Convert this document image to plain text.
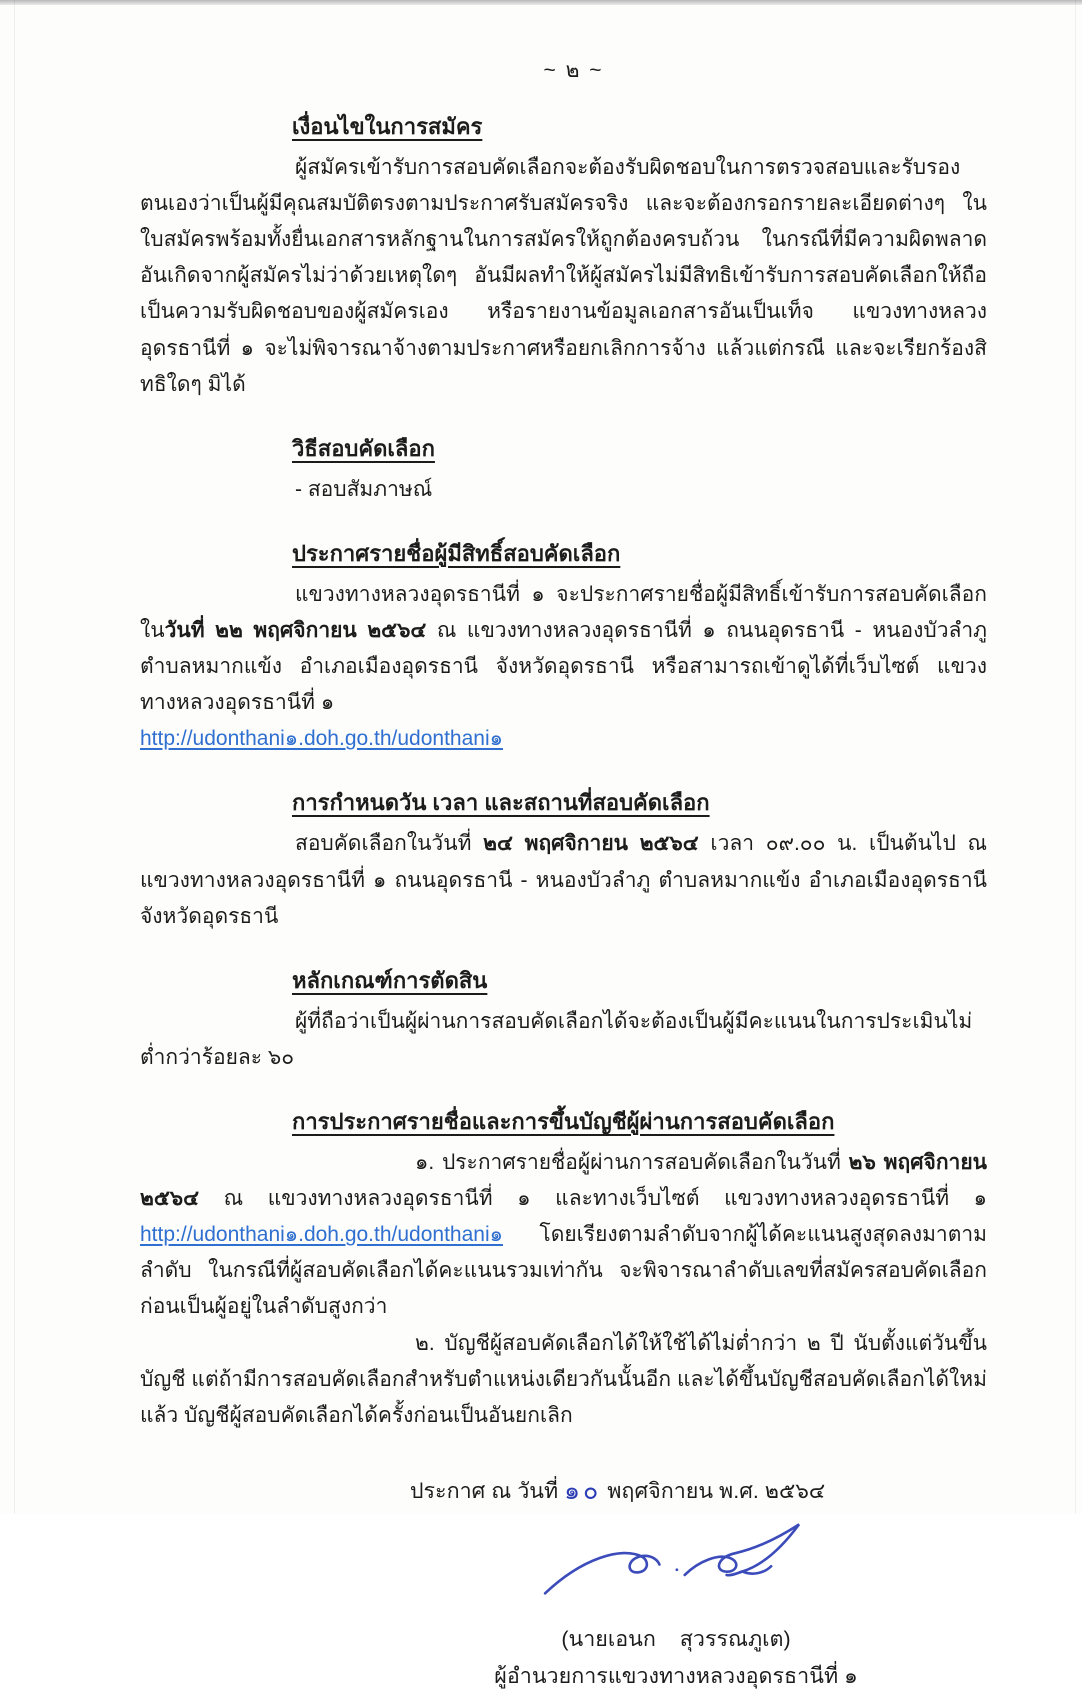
~ ๒ ~
เงื่อนไขในการสมัคร

ผู้สมัครเข้ารับการสอบคัดเลือกจะต้องรับผิดชอบในการตรวจสอบและรับรองตนเองว่าเป็นผู้มีคุณสมบัติตรงตามประกาศรับสมัครจริง และจะต้องกรอกรายละเอียดต่างๆ ในใบสมัครพร้อมทั้งยื่นเอกสารหลักฐานในการสมัครให้ถูกต้องครบถ้วน ในกรณีที่มีความผิดพลาดอันเกิดจากผู้สมัครไม่ว่าด้วยเหตุใดๆ อันมีผลทำให้ผู้สมัครไม่มีสิทธิเข้ารับการสอบคัดเลือกให้ถือเป็นความรับผิดชอบของผู้สมัครเอง หรือรายงานข้อมูลเอกสารอันเป็นเท็จ แขวงทางหลวงอุดรธานีที่ ๑ จะไม่พิจารณาจ้างตามประกาศหรือยกเลิกการจ้าง แล้วแต่กรณี และจะเรียกร้องสิทธิใดๆ มิได้

วิธีสอบคัดเลือก

- สอบสัมภาษณ์

ประกาศรายชื่อผู้มีสิทธิ์สอบคัดเลือก

แขวงทางหลวงอุดรธานีที่ ๑ จะประกาศรายชื่อผู้มีสิทธิ์เข้ารับการสอบคัดเลือกในวันที่ ๒๒ พฤศจิกายน ๒๕๖๔ ณ แขวงทางหลวงอุดรธานีที่ ๑ ถนนอุดรธานี - หนองบัวลำภู ตำบลหมากแข้ง อำเภอเมืองอุดรธานี จังหวัดอุดรธานี หรือสามารถเข้าดูได้ที่เว็บไซต์ แขวงทางหลวงอุดรธานีที่ ๑

http://udonthani๑.doh.go.th/udonthani๑

การกำหนดวัน เวลา และสถานที่สอบคัดเลือก

สอบคัดเลือกในวันที่ ๒๔ พฤศจิกายน ๒๕๖๔ เวลา ๐๙.๐๐ น. เป็นต้นไป ณ แขวงทางหลวงอุดรธานีที่ ๑ ถนนอุดรธานี - หนองบัวลำภู ตำบลหมากแข้ง อำเภอเมืองอุดรธานี จังหวัดอุดรธานี

หลักเกณฑ์การตัดสิน

ผู้ที่ถือว่าเป็นผู้ผ่านการสอบคัดเลือกได้จะต้องเป็นผู้มีคะแนนในการประเมินไม่ต่ำกว่าร้อยละ ๖๐

การประกาศรายชื่อและการขึ้นบัญชีผู้ผ่านการสอบคัดเลือก

๑. ประกาศรายชื่อผู้ผ่านการสอบคัดเลือกในวันที่ ๒๖ พฤศจิกายน ๒๕๖๔ ณ แขวงทางหลวงอุดรธานีที่ ๑ และทางเว็บไซต์ แขวงทางหลวงอุดรธานีที่ ๑ http://udonthani๑.doh.go.th/udonthani๑ โดยเรียงตามลำดับจากผู้ได้คะแนนสูงสุดลงมาตามลำดับ ในกรณีที่ผู้สอบคัดเลือกได้คะแนนรวมเท่ากัน จะพิจารณาลำดับเลขที่สมัครสอบคัดเลือกก่อนเป็นผู้อยู่ในลำดับสูงกว่า

๒. บัญชีผู้สอบคัดเลือกได้ให้ใช้ได้ไม่ต่ำกว่า ๒ ปี นับตั้งแต่วันขึ้นบัญชี แต่ถ้ามีการสอบคัดเลือกสำหรับตำแหน่งเดียวกันนั้นอีก และได้ขึ้นบัญชีสอบคัดเลือกได้ใหม่แล้ว บัญชีผู้สอบคัดเลือกได้ครั้งก่อนเป็นอันยกเลิก

ประกาศ ณ วันที่ ๑๐ พฤศจิกายน พ.ศ. ๒๕๖๔
(นายเอนก    สุวรรณภูเต)
ผู้อำนวยการแขวงทางหลวงอุดรธานีที่ ๑
